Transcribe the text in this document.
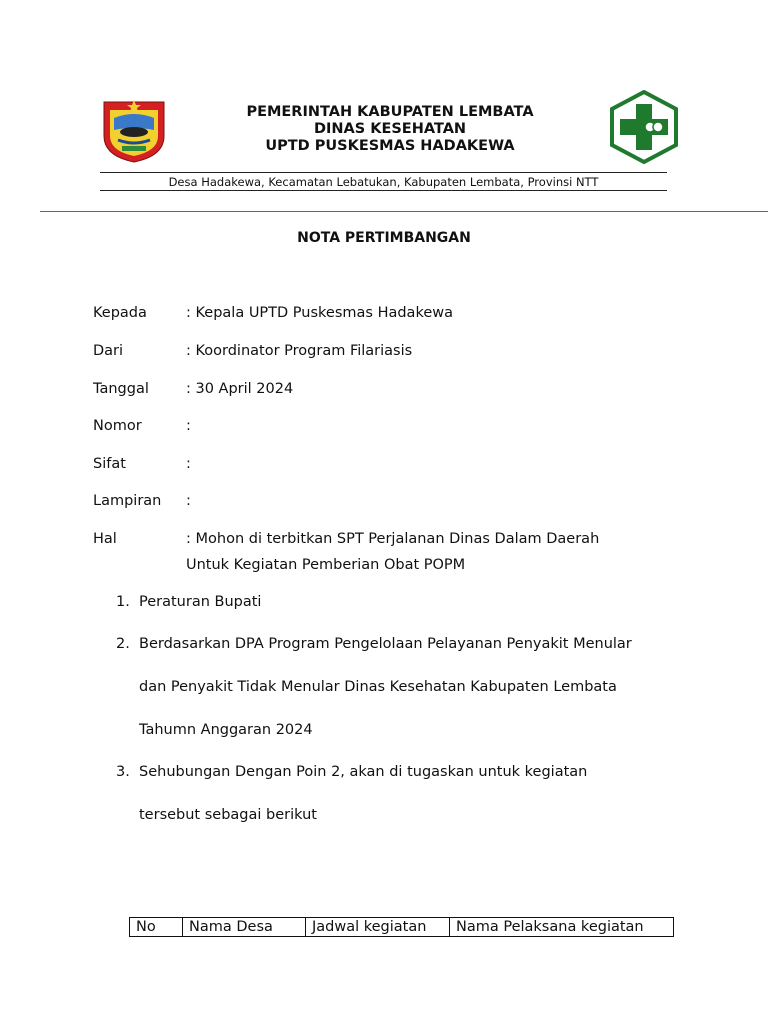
PEMERINTAH KABUPATEN LEMBATA
DINAS KESEHATAN
UPTD PUSKESMAS HADAKEWA
Desa Hadakewa, Kecamatan Lebatukan, Kabupaten Lembata, Provinsi NTT
NOTA PERTIMBANGAN
Kepada	: Kepala UPTD Puskesmas Hadakewa
Dari	: Koordinator Program Filariasis
Tanggal	: 30 April 2024
Nomor	:
Sifat	:
Lampiran :
Hal	: Mohon di terbitkan SPT Perjalanan Dinas Dalam Daerah
Untuk Kegiatan Pemberian Obat POPM
1. Peraturan Bupati
2. Berdasarkan DPA Program Pengelolaan Pelayanan Penyakit Menular
dan Penyakit Tidak Menular Dinas Kesehatan Kabupaten Lembata
Tahumn Anggaran 2024
3. Sehubungan Dengan Poin 2, akan di tugaskan untuk kegiatan
tersebut sebagai berikut
No	Nama Desa	Jadwal kegiatan	Nama Pelaksana kegiatan
